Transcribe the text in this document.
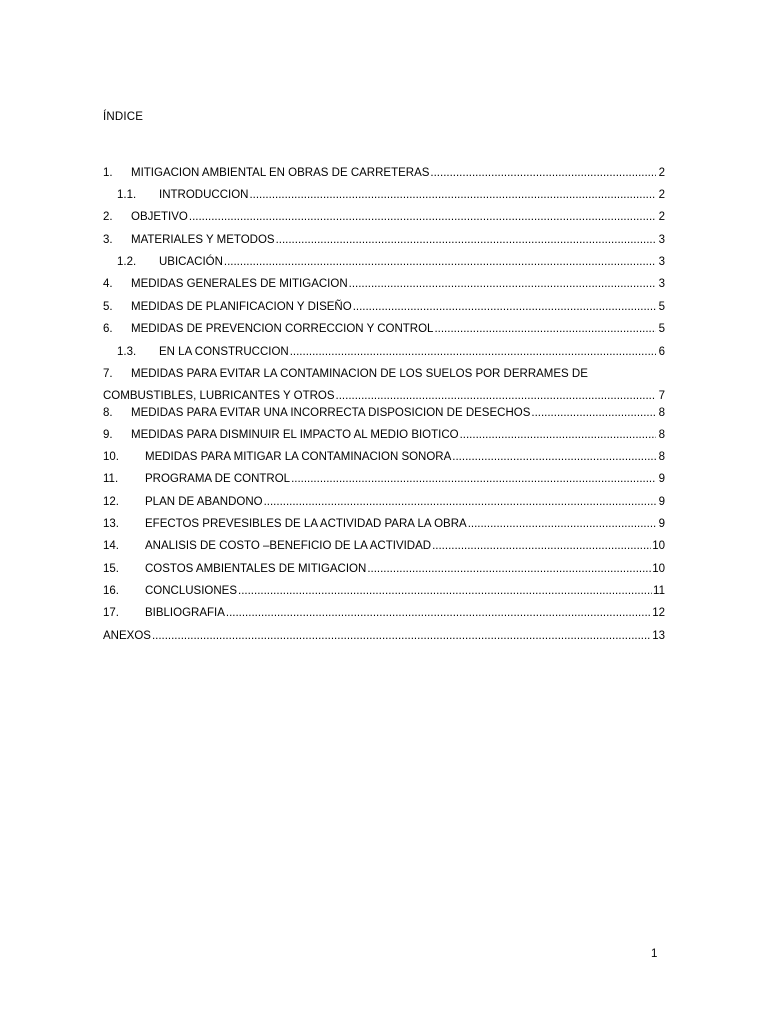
ÍNDICE
1.	MITIGACION AMBIENTAL EN OBRAS DE CARRETERAS .....	2
1.1.	INTRODUCCION .....	2
2.	OBJETIVO .....	2
3.	MATERIALES Y METODOS .....	3
1.2.	UBICACIÓN .....	3
4.	MEDIDAS GENERALES DE MITIGACION .....	3
5.	MEDIDAS DE PLANIFICACION Y DISEÑO .....	5
6.	MEDIDAS DE PREVENCION CORRECCION Y CONTROL .....	5
1.3.	EN LA CONSTRUCCION .....	6
7. MEDIDAS PARA EVITAR LA CONTAMINACION DE LOS SUELOS POR DERRAMES DE
COMBUSTIBLES, LUBRICANTES Y OTROS .....	7
8.	MEDIDAS PARA EVITAR UNA INCORRECTA DISPOSICION DE DESECHOS .....	8
9.	MEDIDAS PARA DISMINUIR EL IMPACTO AL MEDIO BIOTICO .....	8
10.	MEDIDAS PARA MITIGAR LA CONTAMINACION SONORA .....	8
11.	PROGRAMA DE CONTROL .....	9
12.	PLAN DE ABANDONO .....	9
13.	EFECTOS PREVESIBLES DE LA ACTIVIDAD PARA LA OBRA .....	9
14.	ANALISIS DE COSTO –BENEFICIO DE LA ACTIVIDAD .....	10
15.	COSTOS AMBIENTALES DE MITIGACION .....	10
16.	CONCLUSIONES .....	11
17.	BIBLIOGRAFIA .....	12
ANEXOS .....	13
1
